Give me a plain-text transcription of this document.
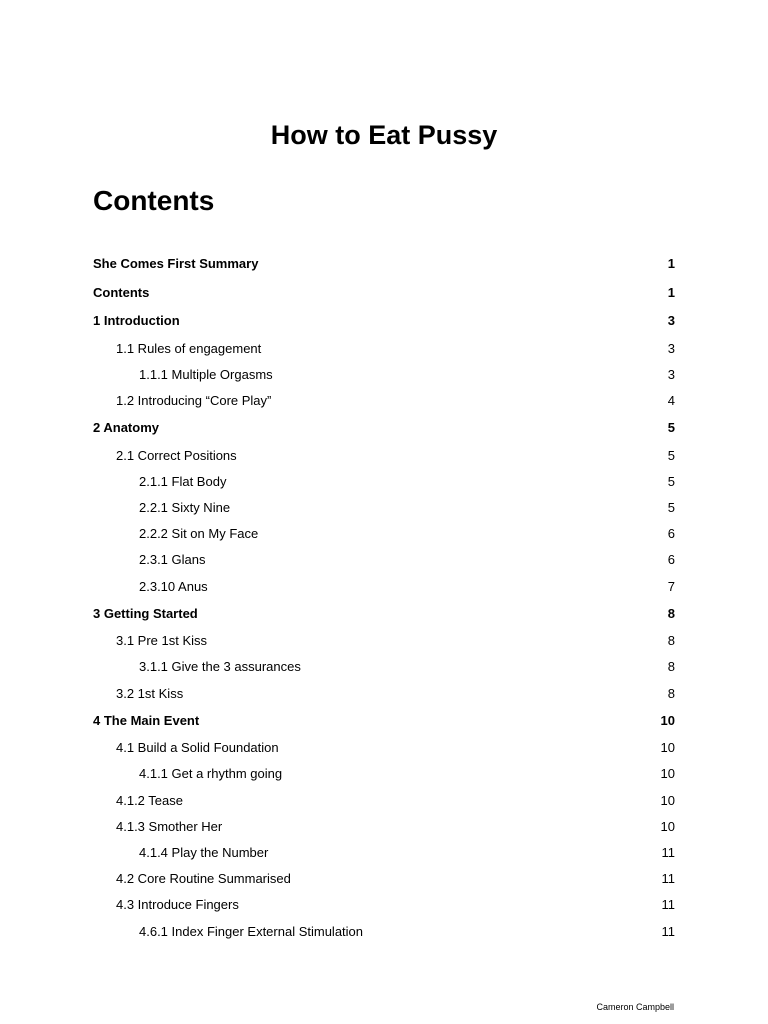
How to Eat Pussy
Contents
She Comes First Summary	1
Contents	1
1 Introduction	3
1.1 Rules of engagement	3
1.1.1 Multiple Orgasms	3
1.2 Introducing “Core Play”	4
2 Anatomy	5
2.1 Correct Positions	5
2.1.1 Flat Body	5
2.2.1 Sixty Nine	5
2.2.2 Sit on My Face	6
2.3.1 Glans	6
2.3.10 Anus	7
3 Getting Started	8
3.1 Pre 1st Kiss	8
3.1.1 Give the 3 assurances	8
3.2 1st Kiss	8
4 The Main Event	10
4.1 Build a Solid Foundation	10
4.1.1 Get a rhythm going	10
4.1.2 Tease	10
4.1.3 Smother Her	10
4.1.4 Play the Number	11
4.2 Core Routine Summarised	11
4.3 Introduce Fingers	11
4.6.1 Index Finger External Stimulation	11
Cameron Campbell
